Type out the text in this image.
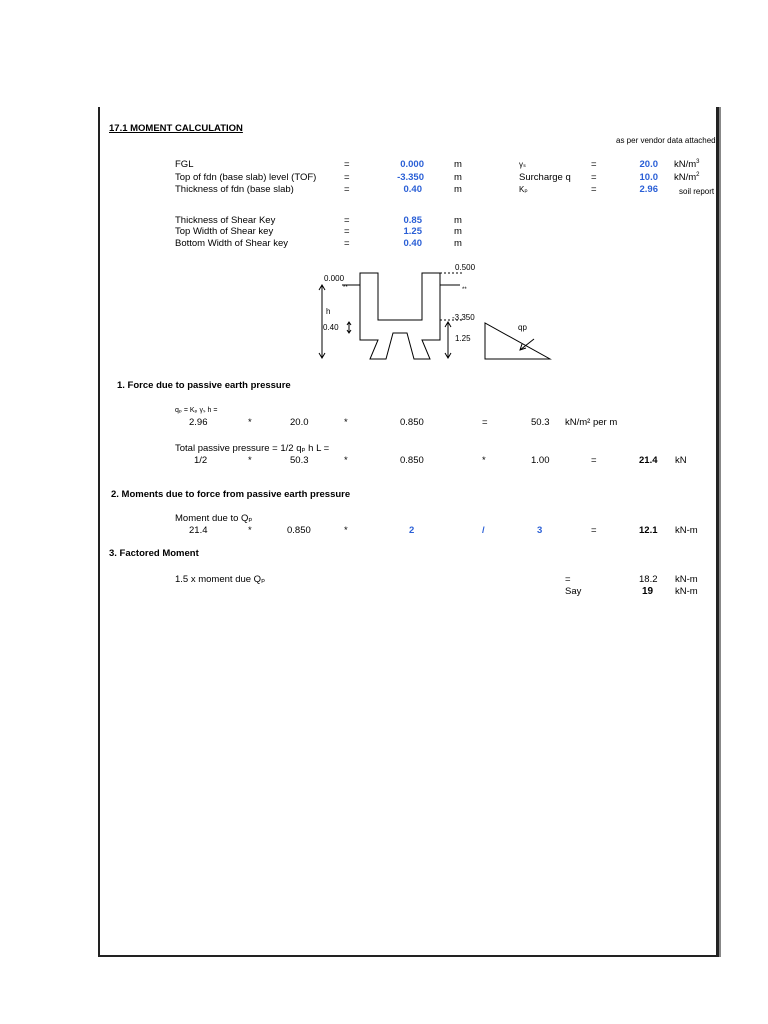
17.1 MOMENT CALCULATION
as per vendor data attached
FGL	=	0.000	m
Top of fdn (base slab) level (TOF)	=	-3.350	m
Thickness of fdn (base slab)	=	0.40	m
γₛ	=	20.0 $kN/m^3$
Surcharge q =	10.0 $kN/m^2$
Kₚ	=	2.96	soil report
Thickness of Shear Key	=	0.85	m
Top Width of Shear key	=	1.25	m
Bottom Width of Shear key	=	0.40	m
0.000
**
0.500
**
h
0.40
-3.350
1.25
qp
1. Force due to passive earth pressure
qₚ = Kₚ γₛ h =
2.96	*	20.0	*	0.850	=	50.3 kN/m² per m
Total passive pressure = 1/2 qₚ h L =
1/2	*	50.3	*	0.850	*	1.00	=	21.4 kN
2. Moments due to force from passive earth pressure
Moment due to Qₚ
21.4	*	0.850	*	2	/	3	=	12.1 kN-m
3. Factored Moment
1.5 x moment due Qₚ	=	18.2 kN-m
Say	19 kN-m
